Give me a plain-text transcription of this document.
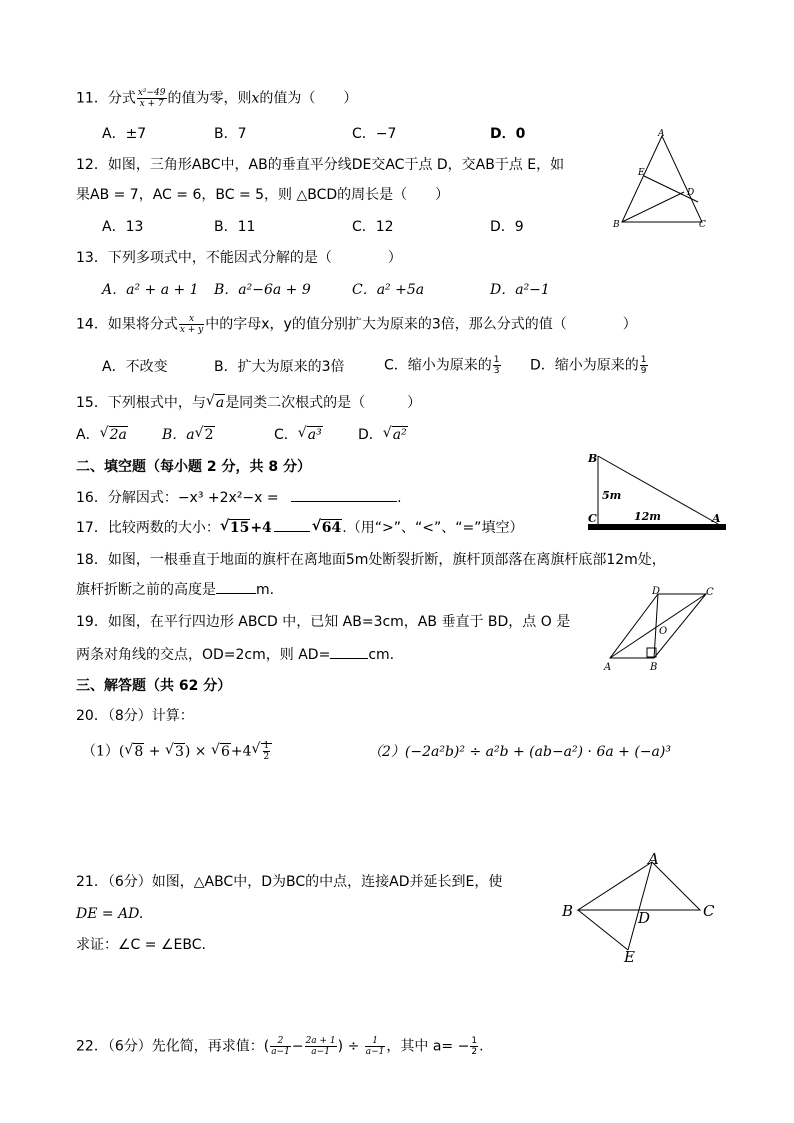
11．分式 $\frac{\text{x²−49}}{x + 7}$ 的值为零，则x的值为（　　）
A．±7	B．7	C．−7	D．0
12．如图，三角形ABC中，AB的垂直平分线DE交AC于点 D，交AB于点 E，如
果AB = 7，AC = 6，BC = 5，则 △BCD的周长是（　　）
A．13	B．11	C．12	D．9
A
B	C
D
E
13．下列多项式中，不能因式分解的是（　　　　）
A．a² + a + 1 B．a²−6a + 9	C．a² +5a	D．a²−1
14．如果将分式 $\frac{x}{x + y}$ 中的字母x，y的值分别扩大为原来的3倍，那么分式的值（　　　　）
A．不改变	B．扩大为原来的3倍	C．缩小为原来的 $\frac{1}{3}$ D．缩小为原来的 $\frac{1}{9}$
15．下列根式中，与 √ a是同类二次根式的是（　　　）
A． √ 2a	B．a √ 2	C． √ a³	D． √ a²
二、填空题（每小题 2 分，共 8 分）
B
C	A
5m
12m
16．分解因式：−x³ +2x²−x =	.
17．比较两数的大小： √ 15+4	√ 64.（用“>”、“<”、“=”填空）
18．如图，一根垂直于地面的旗杆在离地面5m处断裂折断，旗杆顶部落在离旗杆底部12m处，
旗杆折断之前的高度是	m.
A	B
C
D
O
19．如图，在平行四边形 ABCD 中，已知 AB=3cm，AB 垂直于 BD，点 O 是
两条对角线的交点，OD=2cm，则 AD=	cm.
三、解答题（共 62 分）
20．（8分）计算：
（1）( √ 8 + √ 3) × √ 6+4 √ $\frac{1}{2}$	（2）(−2a²b)² ÷ a²b + (ab−a²) · 6a + (−a)³
21．（6分）如图，△ABC中，D为BC的中点，连接AD并延长到E，使
DE = AD.
求证：∠C = ∠EBC.
A
B	C
D
E
22．（6分）先化简，再求值：( $\frac{2}{a-1} - \frac{2a + 1}{a-1}$ ) ÷ $\frac{1}{a-1}$ ，其中 $a= - \frac{1}{2}$ .
